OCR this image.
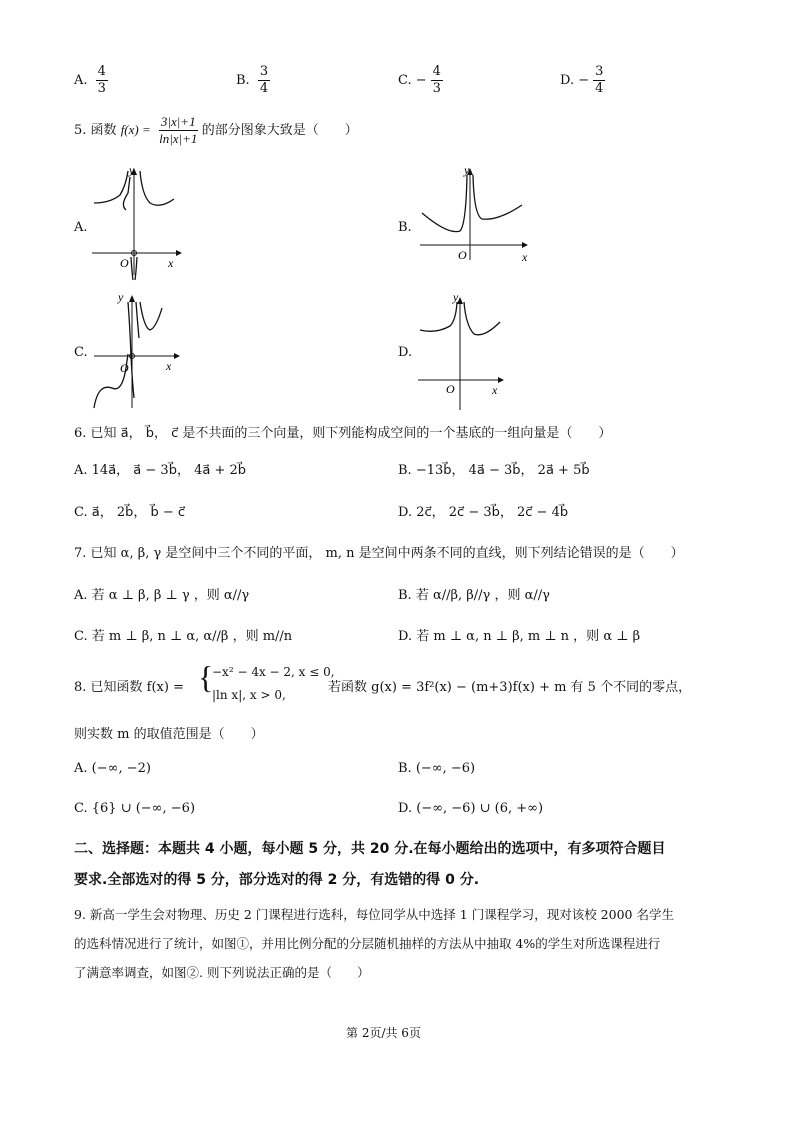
A. $\frac{4}{3}$	B. $\frac{3}{4}$	C. − $\frac{4}{3}$	D. − $\frac{3}{4}$
5. 函数 $f(x) = \frac{3|x|+1}{\ln|x|+1}$ 的部分图象大致是（　　）
A.
y
O	x
B.
y
O	x
C.
y
O	x
D.
y
O	x
6. 已知 a⃗， b⃗， c⃗ 是不共面的三个向量，则下列能构成空间的一个基底的一组向量是（　　）
A. 14a⃗， a⃗ − 3b⃗， 4a⃗ + 2b⃗	B. −13b⃗， 4a⃗ − 3b⃗， 2a⃗ + 5b⃗
C. a⃗， 2b⃗， b⃗ − c⃗	D. 2c⃗， 2c⃗ − 3b⃗， 2c⃗ − 4b⃗
7. 已知 α, β, γ 是空间中三个不同的平面， m, n 是空间中两条不同的直线，则下列结论错误的是（　　）
A. 若 α ⊥ β, β ⊥ γ ，则 α//γ	B. 若 α//β, β//γ ，则 α//γ
C. 若 m ⊥ β, n ⊥ α, α//β ，则 m//n	D. 若 m ⊥ α, n ⊥ β, m ⊥ n ，则 α ⊥ β
8. 已知函数 f(x) = {
−x² − 4x − 2, x ≤ 0,
|ln x|, x > 0,	若函数 g(x) = 3f²(x) − (m+3)f(x) + m 有 5 个不同的零点，
则实数 m 的取值范围是（　　）
A. (−∞, −2)	B. (−∞, −6)
C. {6} ∪ (−∞, −6)	D. (−∞, −6) ∪ (6, +∞)
二、选择题：本题共 4 小题，每小题 5 分，共 20 分.在每小题给出的选项中，有多项符合题目
要求.全部选对的得 5 分，部分选对的得 2 分，有选错的得 0 分.
9. 新高一学生会对物理、历史 2 门课程进行选科，每位同学从中选择 1 门课程学习，现对该校 2000 名学生
的选科情况进行了统计，如图①，并用比例分配的分层随机抽样的方法从中抽取 4%的学生对所选课程进行
了满意率调查，如图②. 则下列说法正确的是（　　）
第 2页/共 6页
